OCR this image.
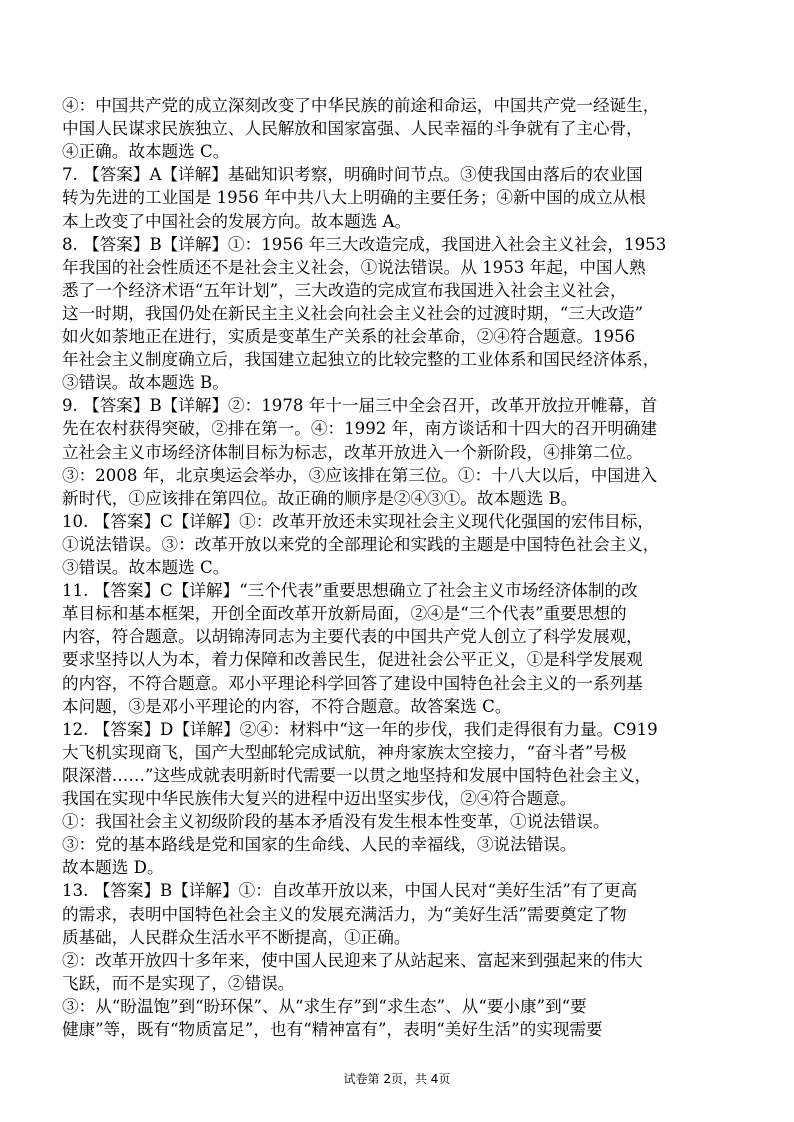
④：中国共产党的成立深刻改变了中华民族的前途和命运，中国共产党一经诞生，
中国人民谋求民族独立、人民解放和国家富强、人民幸福的斗争就有了主心骨，
④正确。故本题选 C。
7. 【答案】A【详解】基础知识考察，明确时间节点。③使我国由落后的农业国
转为先进的工业国是 1956 年中共八大上明确的主要任务；④新中国的成立从根
本上改变了中国社会的发展方向。故本题选 A。
8. 【答案】B【详解】①：1956 年三大改造完成，我国进入社会主义社会，1953
年我国的社会性质还不是社会主义社会，①说法错误。从 1953 年起，中国人熟
悉了一个经济术语“五年计划”，三大改造的完成宣布我国进入社会主义社会，
这一时期，我国仍处在新民主主义社会向社会主义社会的过渡时期，“三大改造”
如火如荼地正在进行，实质是变革生产关系的社会革命，②④符合题意。1956
年社会主义制度确立后，我国建立起独立的比较完整的工业体系和国民经济体系，
③错误。故本题选 B。
9. 【答案】B【详解】②：1978 年十一届三中全会召开，改革开放拉开帷幕，首
先在农村获得突破，②排在第一。④：1992 年，南方谈话和十四大的召开明确建
立社会主义市场经济体制目标为标志，改革开放进入一个新阶段，④排第二位。
③：2008 年，北京奥运会举办，③应该排在第三位。①：十八大以后，中国进入
新时代，①应该排在第四位。故正确的顺序是②④③①。故本题选 B。
10. 【答案】C【详解】①：改革开放还未实现社会主义现代化强国的宏伟目标，
①说法错误。③：改革开放以来党的全部理论和实践的主题是中国特色社会主义，
③错误。故本题选 C。
11. 【答案】C【详解】“三个代表”重要思想确立了社会主义市场经济体制的改
革目标和基本框架，开创全面改革开放新局面，②④是“三个代表”重要思想的
内容，符合题意。以胡锦涛同志为主要代表的中国共产党人创立了科学发展观，
要求坚持以人为本，着力保障和改善民生，促进社会公平正义，①是科学发展观
的内容，不符合题意。邓小平理论科学回答了建设中国特色社会主义的一系列基
本问题，③是邓小平理论的内容，不符合题意。故答案选 C。
12. 【答案】D【详解】②④：材料中“这一年的步伐，我们走得很有力量。C919
大飞机实现商飞，国产大型邮轮完成试航，神舟家族太空接力，“奋斗者”号极
限深潜……”这些成就表明新时代需要一以贯之地坚持和发展中国特色社会主义，
我国在实现中华民族伟大复兴的进程中迈出坚实步伐，②④符合题意。
①：我国社会主义初级阶段的基本矛盾没有发生根本性变革，①说法错误。
③：党的基本路线是党和国家的生命线、人民的幸福线，③说法错误。
故本题选 D。
13. 【答案】B【详解】①：自改革开放以来，中国人民对“美好生活”有了更高
的需求，表明中国特色社会主义的发展充满活力，为“美好生活”需要奠定了物
质基础，人民群众生活水平不断提高，①正确。
②：改革开放四十多年来，使中国人民迎来了从站起来、富起来到强起来的伟大
飞跃，而不是实现了，②错误。
③：从“盼温饱”到“盼环保”、从“求生存”到“求生态”、从“要小康”到“要
健康”等，既有“物质富足”，也有“精神富有”，表明“美好生活”的实现需要
试卷第 2页，共 4页
